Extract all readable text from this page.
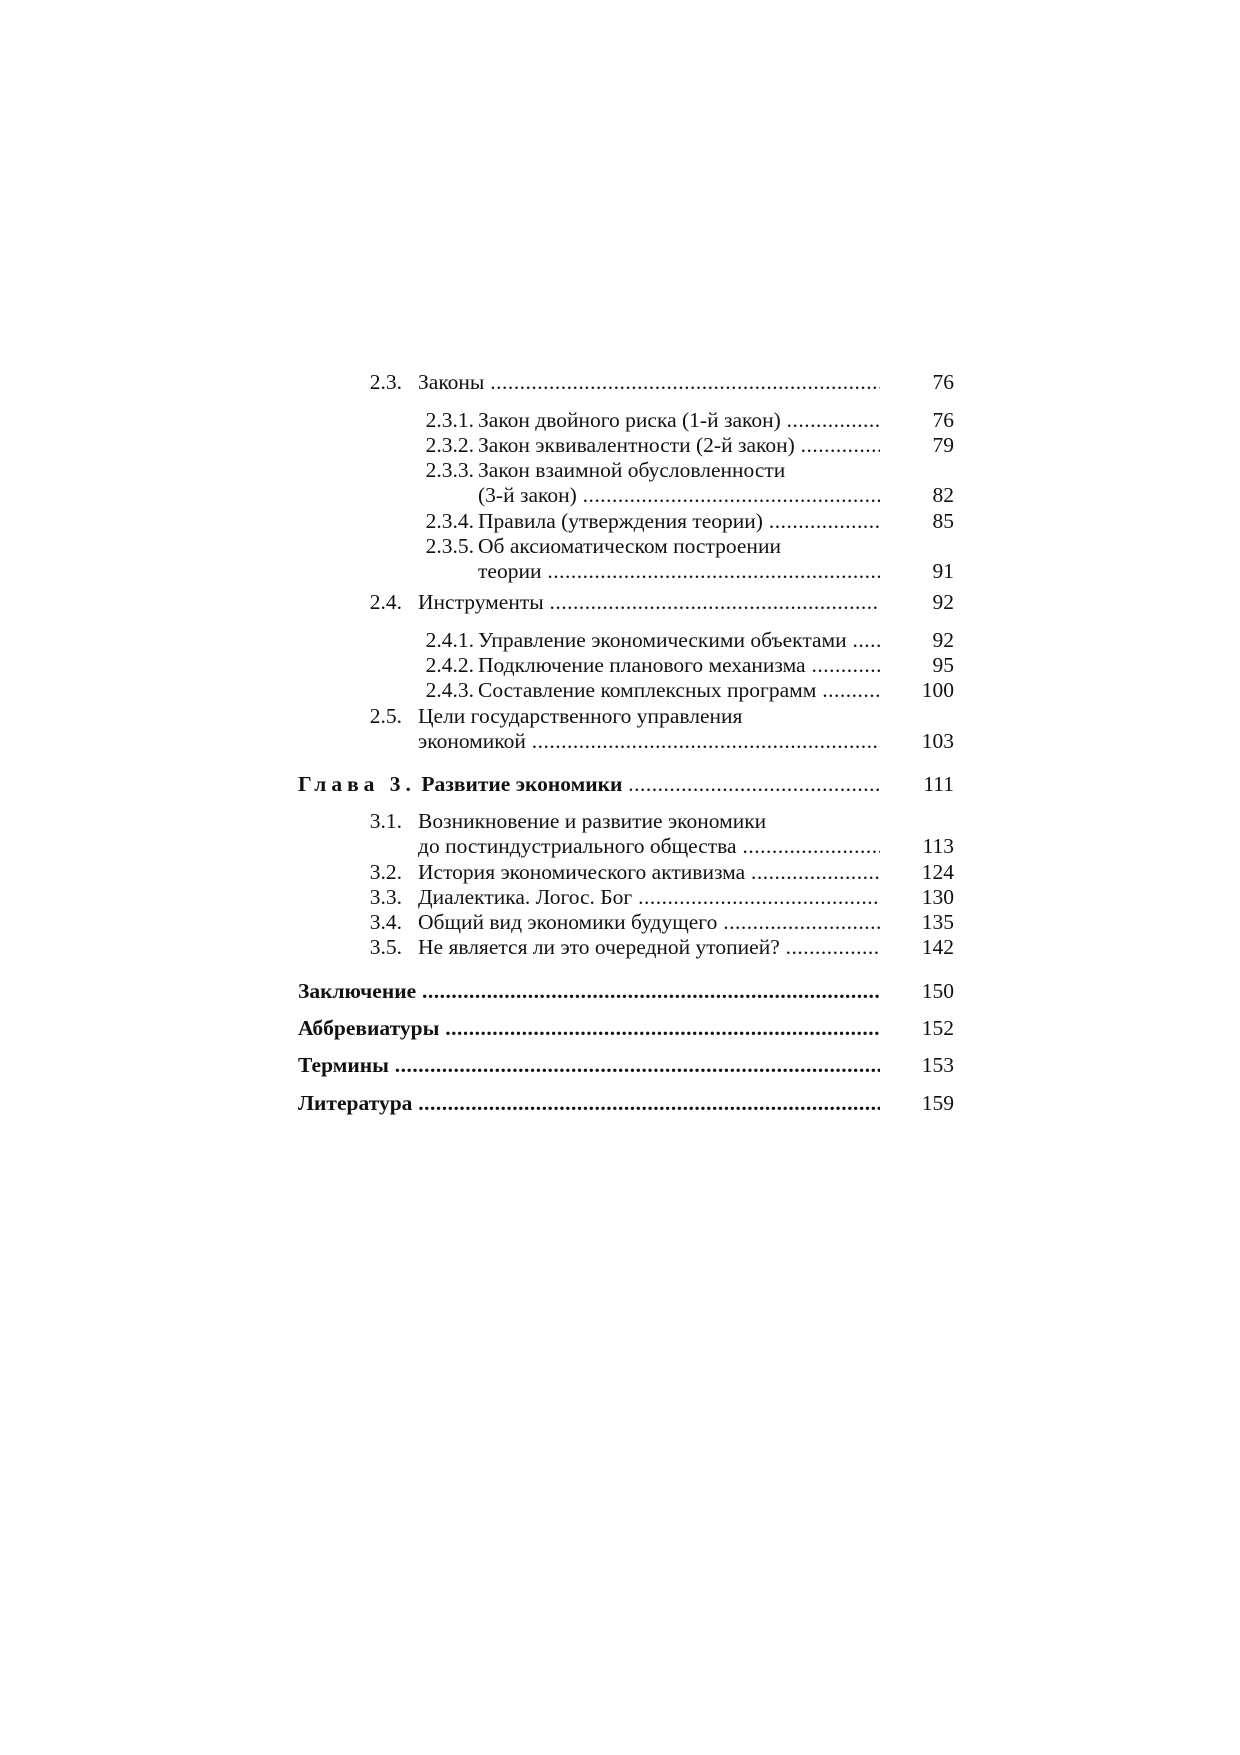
2.3. Законы .....	76
2.3.1. Закон двойного риска (1-й закон) .....	76
2.3.2. Закон эквивалентности (2-й закон) .....	79
2.3.3. Закон взаимной обусловленности
(3-й закон) .....	82
2.3.4. Правила (утверждения теории) .....	85
2.3.5. Об аксиоматическом построении
теории .....	91
2.4. Инструменты .....	92
2.4.1. Управление экономическими объектами .....	92
2.4.2. Подключение планового механизма .....	95
2.4.3. Составление комплексных программ .....	100
2.5. Цели государственного управления
экономикой .....	103
Глава 3. Развитие экономики .....	111
3.1. Возникновение и развитие экономики
до постиндустриального общества .....	113
3.2. История экономического активизма .....	124
3.3. Диалектика. Логос. Бог .....	130
3.4. Общий вид экономики будущего .....	135
3.5. Не является ли это очередной утопией? .....	142
Заключение .....	150
Аббревиатуры .....	152
Термины .....	153
Литература .....	159
